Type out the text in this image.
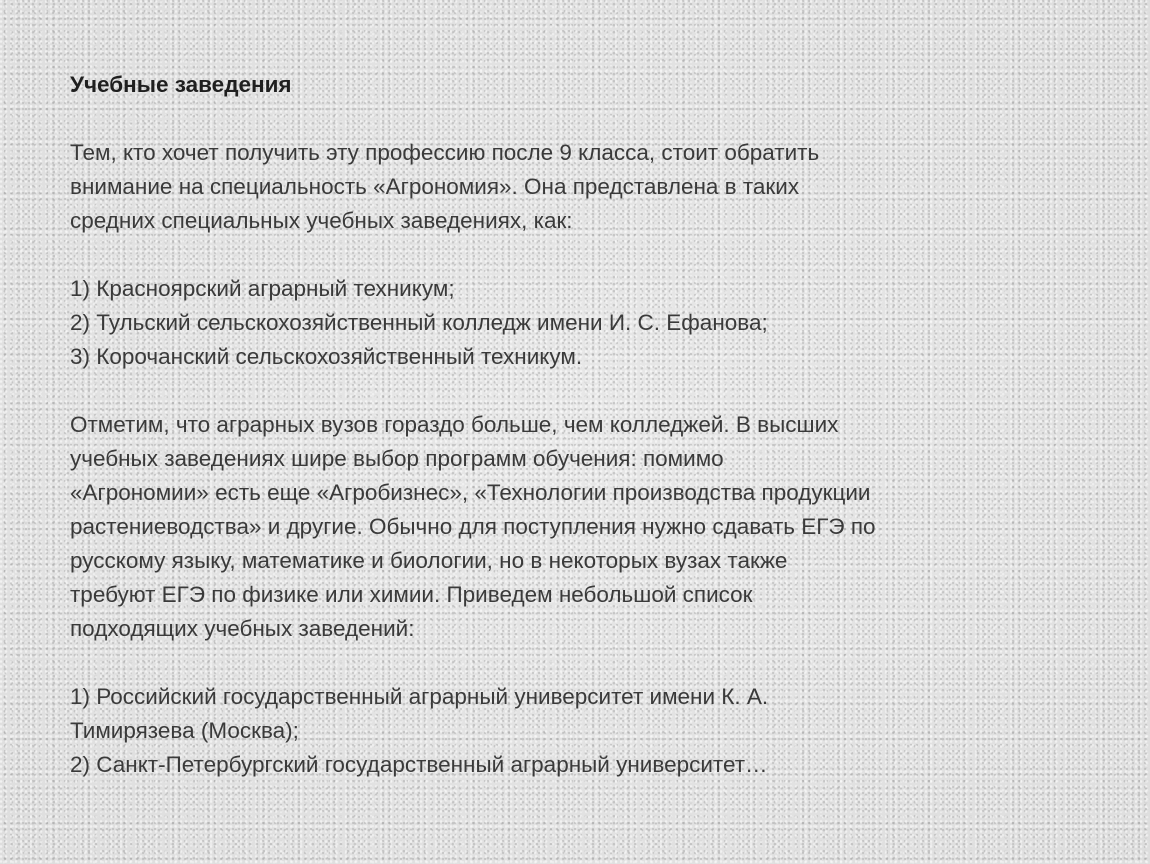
Учебные заведения
Тем, кто хочет получить эту профессию после 9 класса, стоит обратить
внимание на специальность «Агрономия». Она представлена в таких
средних специальных учебных заведениях, как:
1) Красноярский аграрный техникум;
2) Тульский сельскохозяйственный колледж имени И. С. Ефанова;
3) Корочанский сельскохозяйственный техникум.
Отметим, что аграрных вузов гораздо больше, чем колледжей. В высших
учебных заведениях шире выбор программ обучения: помимо
«Агрономии» есть еще «Агробизнес», «Технологии производства продукции
растениеводства» и другие. Обычно для поступления нужно сдавать ЕГЭ по
русскому языку, математике и биологии, но в некоторых вузах также
требуют ЕГЭ по физике или химии. Приведем небольшой список
подходящих учебных заведений:
1) Российский государственный аграрный университет имени К. А.
Тимирязева (Москва);
2) Санкт-Петербургский государственный аграрный университет…
